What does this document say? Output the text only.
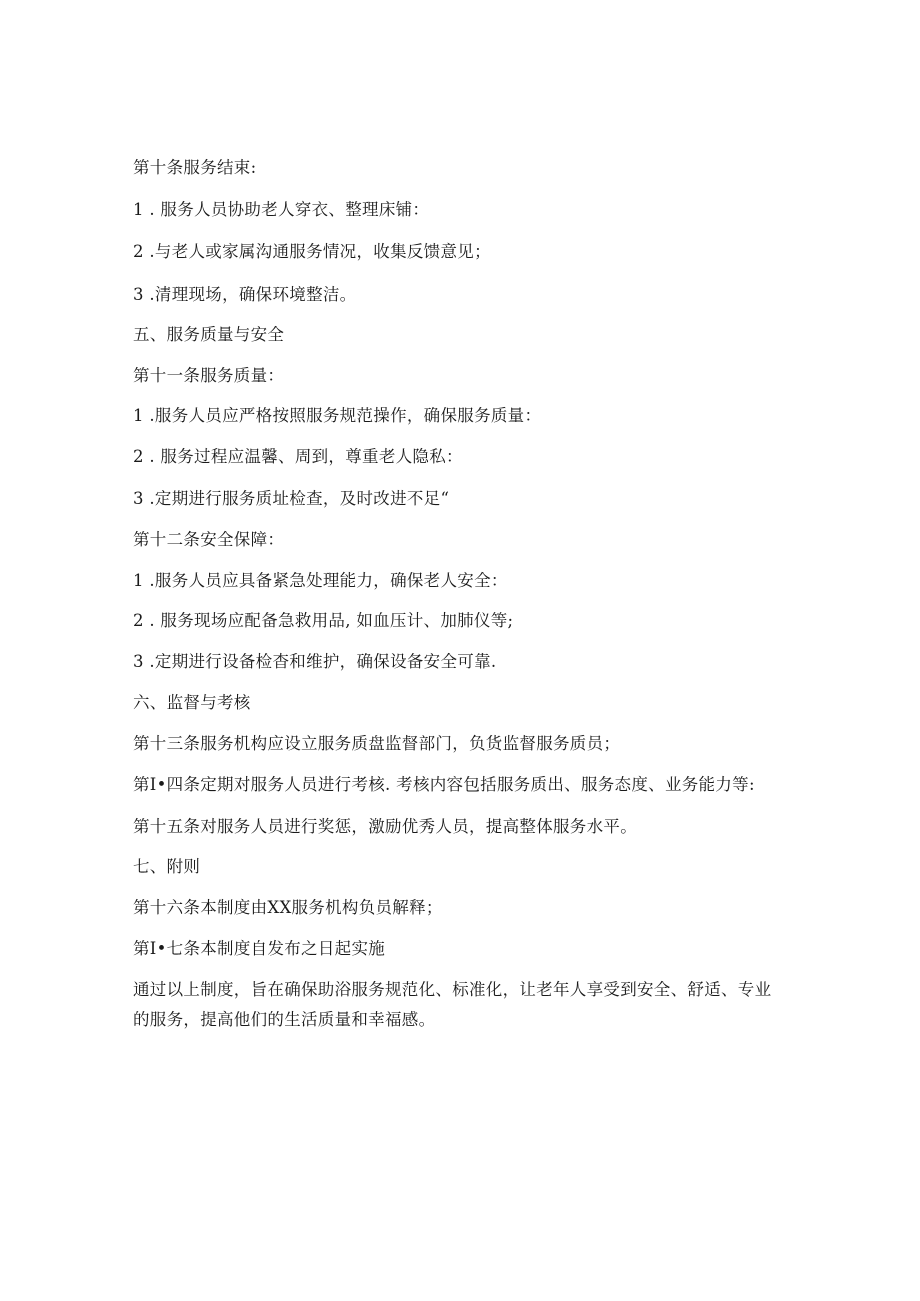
第十条服务结束:
1 . 服务人员协助老人穿衣、整理床铺：
2 .与老人或家属沟通服务情况，收集反馈意见；
3 .清理现场，确保环境整洁。
五、服务质量与安全
第十一条服务质量：
1 .服务人员应严格按照服务规范操作，确保服务质量：
2 . 服务过程应温馨、周到，尊重老人隐私：
3 .定期进行服务质址检查，及时改进不足“
第十二条安全保障：
1 .服务人员应具备紧急处理能力，确保老人安全：
2 . 服务现场应配备急救用品, 如血压计、加肺仪等;
3 .定期进行设备检杳和维护，确保设备安全可靠.
六、监督与考核
第十三条服务机构应设立服务质盘监督部门，负货监督服务质员；
第I•四条定期对服务人员进行考核. 考核内容包括服务质出、服务态度、业务能力等:
第十五条对服务人员进行奖惩，激励优秀人员，提高整体服务水平。
七、附则
第十六条本制度由XX服务机构负员解释；
第I•七条本制度自发布之日起实施
通过以上制度，旨在确保助浴服务规范化、标准化，让老年人享受到安全、舒适、专业的服务，提高他们的生活质量和幸福感。
